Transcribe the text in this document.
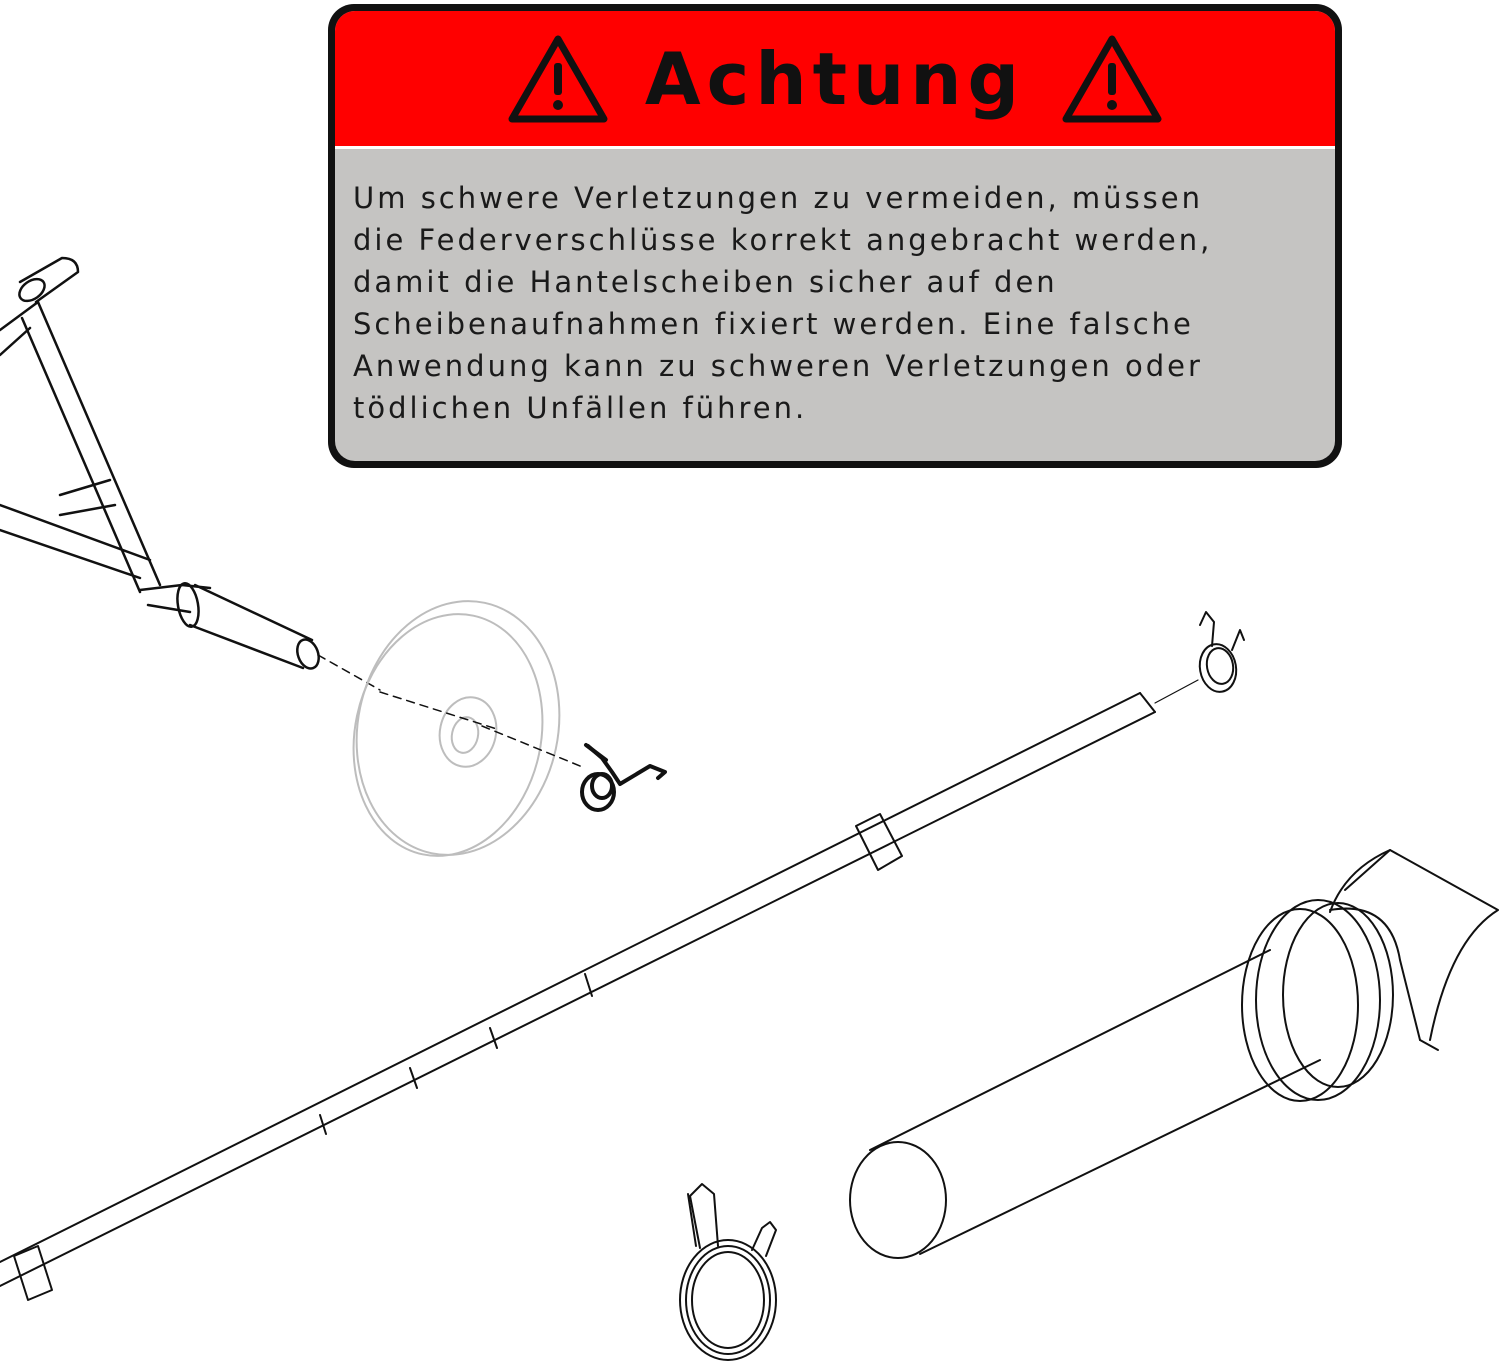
Achtung
Um schwere Verletzungen zu vermeiden, müssen
die Federverschlüsse korrekt angebracht werden,
damit die Hantelscheiben sicher auf den
Scheibenaufnahmen fixiert werden. Eine falsche
Anwendung kann zu schweren Verletzungen oder
tödlichen Unfällen führen.
